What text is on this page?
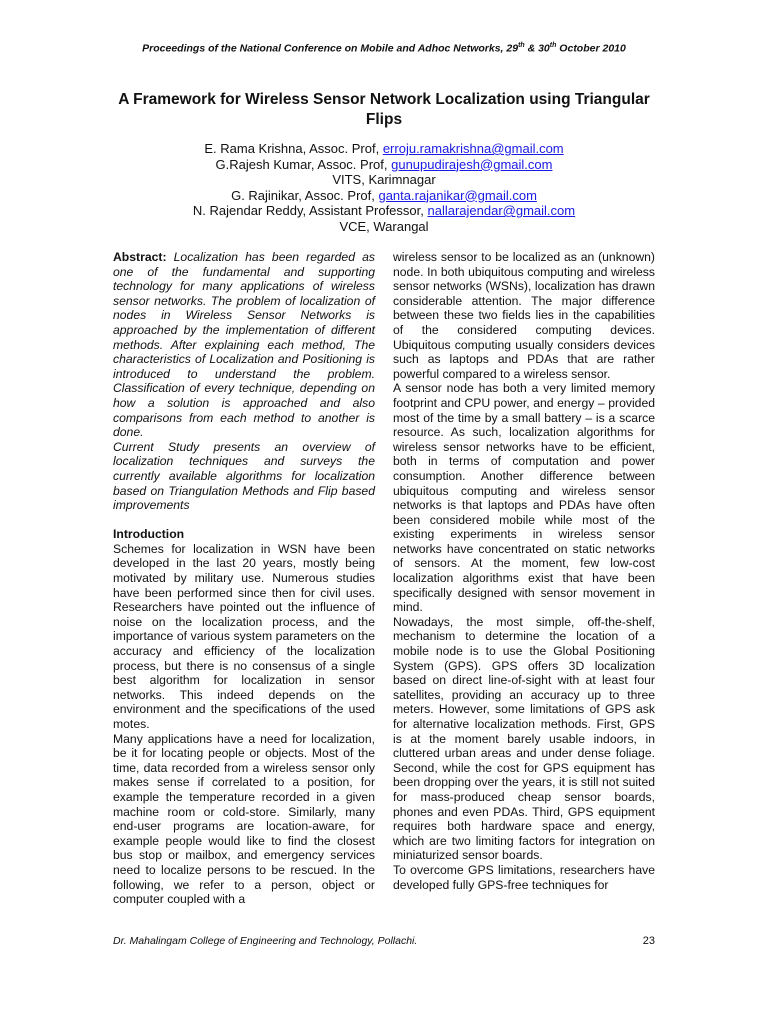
Proceedings of the National Conference on Mobile and Adhoc Networks, 29th & 30th October 2010
A Framework for Wireless Sensor Network Localization using Triangular Flips
E. Rama Krishna, Assoc. Prof, erroju.ramakrishna@gmail.com
G.Rajesh Kumar, Assoc. Prof, gunupudirajesh@gmail.com
VITS, Karimnagar
G. Rajinikar, Assoc. Prof, ganta.rajanikar@gmail.com
N. Rajendar Reddy, Assistant Professor, nallarajendar@gmail.com
VCE, Warangal

Abstract: Localization has been regarded as one of the fundamental and supporting technology for many applications of wireless sensor networks. The problem of localization of nodes in Wireless Sensor Networks is approached by the implementation of different methods. After explaining each method, The characteristics of Localization and Positioning is introduced to understand the problem. Classification of every technique, depending on how a solution is approached and also comparisons from each method to another is done.

Current Study presents an overview of localization techniques and surveys the currently available algorithms for localization based on Triangulation Methods and Flip based improvements

Introduction

Schemes for localization in WSN have been developed in the last 20 years, mostly being motivated by military use. Numerous studies have been performed since then for civil uses. Researchers have pointed out the influence of noise on the localization process, and the importance of various system parameters on the accuracy and efficiency of the localization process, but there is no consensus of a single best algorithm for localization in sensor networks. This indeed depends on the environment and the specifications of the used motes.

Many applications have a need for localization, be it for locating people or objects. Most of the time, data recorded from a wireless sensor only makes sense if correlated to a position, for example the temperature recorded in a given machine room or cold-store. Similarly, many end-user programs are location-aware, for example people would like to find the closest bus stop or mailbox, and emergency services need to localize persons to be rescued. In the following, we refer to a person, object or computer coupled with a

wireless sensor to be localized as an (unknown) node. In both ubiquitous computing and wireless sensor networks (WSNs), localization has drawn considerable attention. The major difference between these two fields lies in the capabilities of the considered computing devices. Ubiquitous computing usually considers devices such as laptops and PDAs that are rather powerful compared to a wireless sensor.

A sensor node has both a very limited memory footprint and CPU power, and energy – provided most of the time by a small battery – is a scarce resource. As such, localization algorithms for wireless sensor networks have to be efficient, both in terms of computation and power consumption. Another difference between ubiquitous computing and wireless sensor networks is that laptops and PDAs have often been considered mobile while most of the existing experiments in wireless sensor networks have concentrated on static networks of sensors. At the moment, few low-cost localization algorithms exist that have been specifically designed with sensor movement in mind.

Nowadays, the most simple, off-the-shelf, mechanism to determine the location of a mobile node is to use the Global Positioning System (GPS). GPS offers 3D localization based on direct line-of-sight with at least four satellites, providing an accuracy up to three meters. However, some limitations of GPS ask for alternative localization methods. First, GPS is at the moment barely usable indoors, in cluttered urban areas and under dense foliage. Second, while the cost for GPS equipment has been dropping over the years, it is still not suited for mass-produced cheap sensor boards, phones and even PDAs. Third, GPS equipment requires both hardware space and energy, which are two limiting factors for integration on miniaturized sensor boards.

To overcome GPS limitations, researchers have developed fully GPS-free techniques for

Dr. Mahalingam College of Engineering and Technology, Pollachi.	23
